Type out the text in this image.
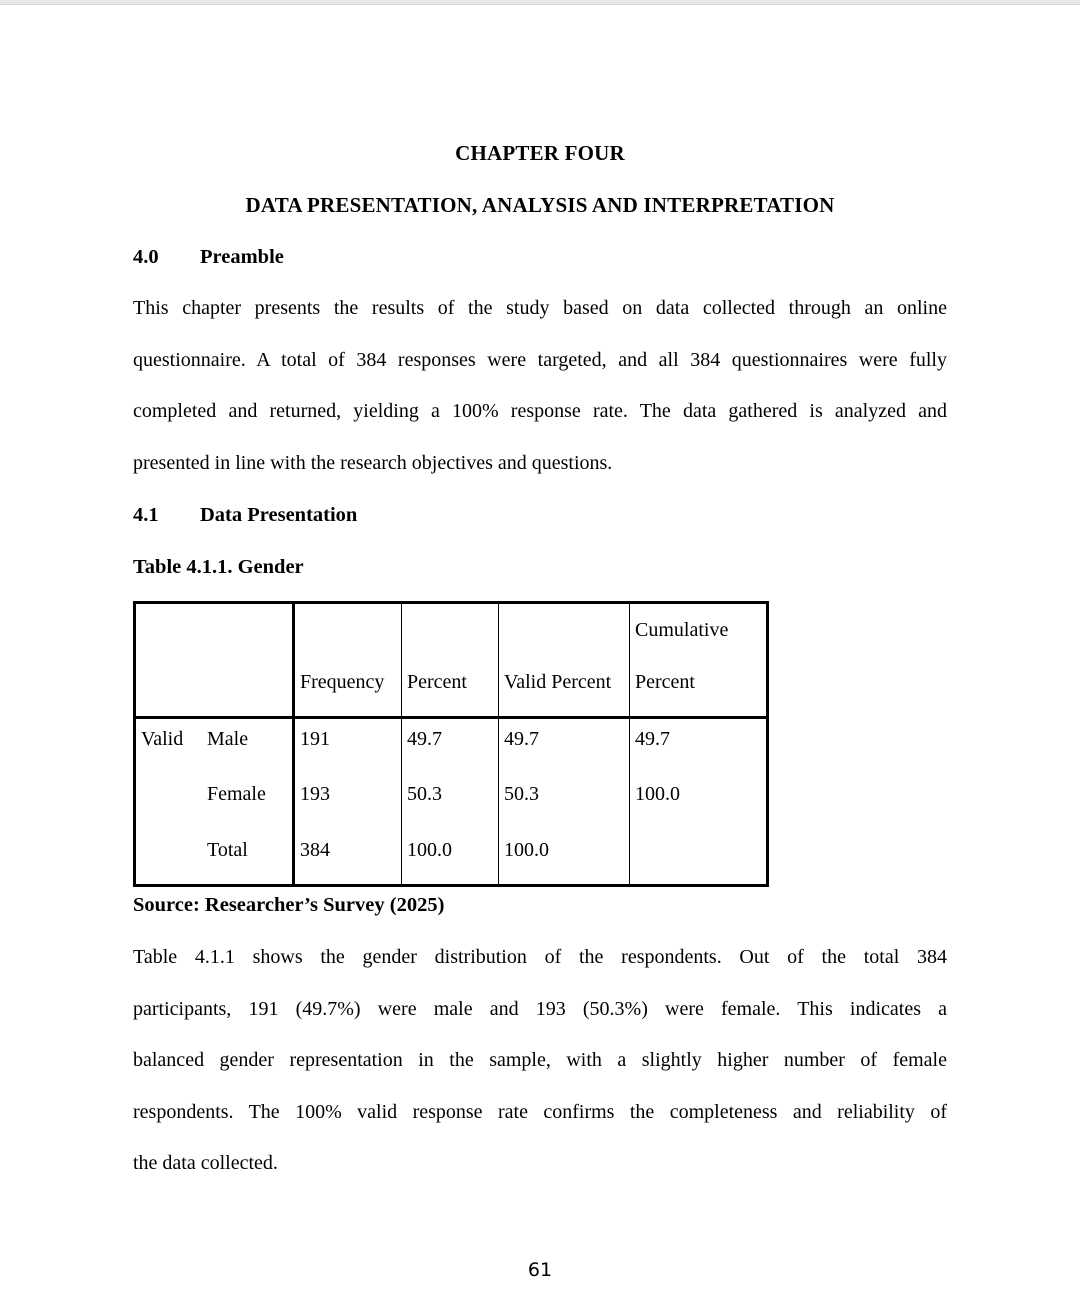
CHAPTER FOUR
DATA PRESENTATION, ANALYSIS AND INTERPRETATION
4.0 Preamble
This chapter presents the results of the study based on data collected through an online
questionnaire. A total of 384 responses were targeted, and all 384 questionnaires were fully
completed and returned, yielding a 100% response rate. The data gathered is analyzed and
presented in line with the research objectives and questions.
4.1 Data Presentation
Table 4.1.1. Gender
	Frequency	Percent	Valid Percent	Cumulative Percent
Valid Male	191	49.7	49.7	49.7
Female	193	50.3	50.3	100.0
Total	384	100.0	100.0	
Source: Researcher’s Survey (2025)
Table 4.1.1 shows the gender distribution of the respondents. Out of the total 384
participants, 191 (49.7%) were male and 193 (50.3%) were female. This indicates a
balanced gender representation in the sample, with a slightly higher number of female
respondents. The 100% valid response rate confirms the completeness and reliability of
the data collected.
61
